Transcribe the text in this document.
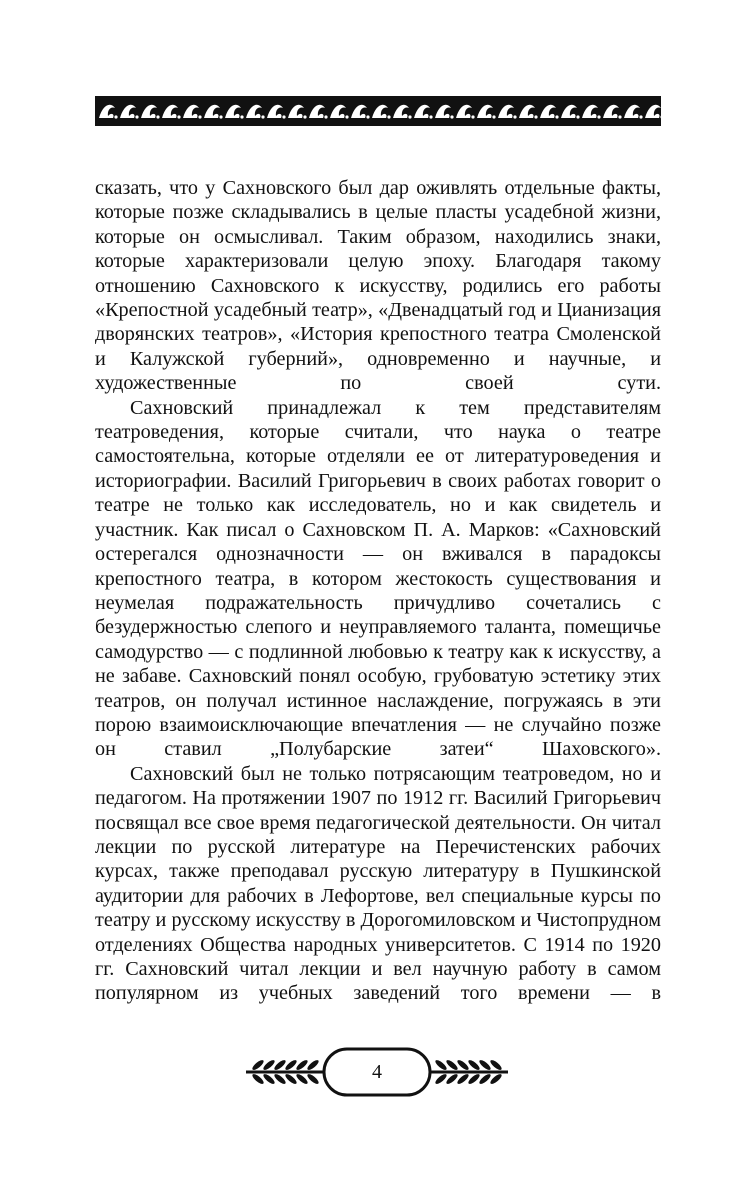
сказать, что у Сахновского был дар оживлять отдельные факты, которые позже складывались в целые пласты усадебной жизни, которые он осмысливал. Таким образом, находились знаки, которые характеризовали целую эпоху. Благодаря такому отношению Сахновского к искусству, родились его работы «Крепостной усадебный театр», «Двенадцатый год и Цианизация дворянских театров», «История крепостного театра Смоленской и Калужской губерний», одновременно и научные, и художественные по своей сути.

Сахновский принадлежал к тем представителям театроведения, которые считали, что наука о театре самостоятельна, которые отделяли ее от литературоведения и историографии. Василий Григорьевич в своих работах говорит о театре не только как исследователь, но и как свидетель и участник. Как писал о Сахновском П. А. Марков: «Сахновский остерегался однозначности — он вживался в парадоксы крепостного театра, в котором жестокость существования и неумелая подражательность причудливо сочетались с безудержностью слепого и неуправляемого таланта, помещичье самодурство — с подлинной любовью к театру как к искусству, а не забаве. Сахновский понял особую, грубоватую эстетику этих театров, он получал истинное наслаждение, погружаясь в эти порою взаимоисключающие впечатления — не случайно позже он ставил „Полубарские затеи“ Шаховского».

Сахновский был не только потрясающим театроведом, но и педагогом. На протяжении 1907 по 1912 гг. Василий Григорьевич посвящал все свое время педагогической деятельности. Он читал лекции по русской литературе на Перечистенских рабочих курсах, также преподавал русскую литературу в Пушкинской аудитории для рабочих в Лефортове, вел специальные курсы по театру и русскому искусству в Дорогомиловском и Чистопрудном отделениях Общества народных университетов. С 1914 по 1920 гг. Сахновский читал лекции и вел научную работу в самом популярном из учебных заведений того времени — в

4
